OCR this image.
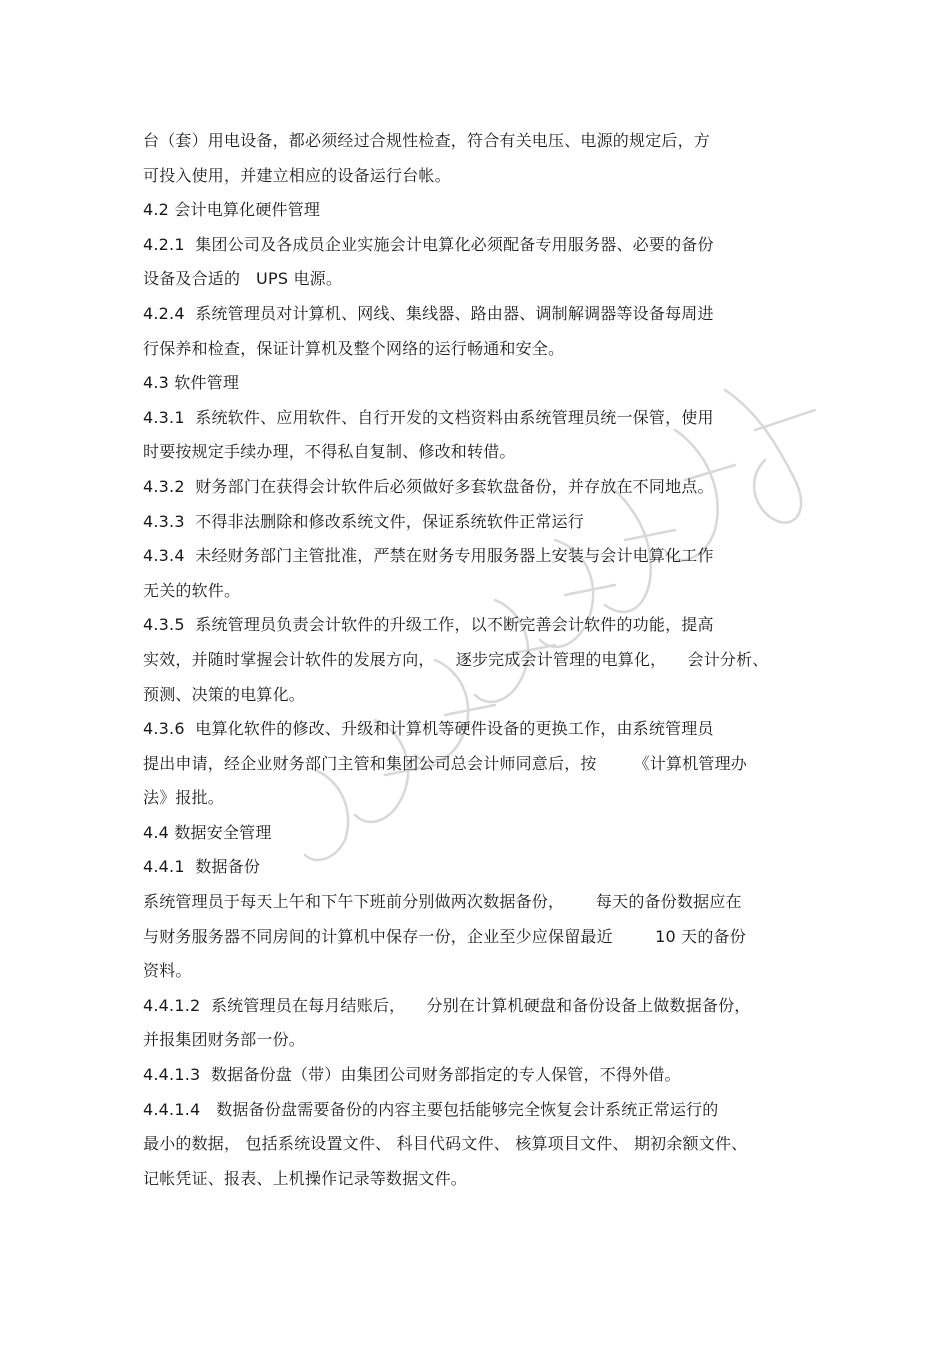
台（套）用电设备，都必须经过合规性检查，符合有关电压、电源的规定后，方
可投入使用，并建立相应的设备运行台帐。
4.2 会计电算化硬件管理
4.2.1  集团公司及各成员企业实施会计电算化必须配备专用服务器、必要的备份
设备及合适的   UPS 电源。
4.2.4  系统管理员对计算机、网线、集线器、路由器、调制解调器等设备每周进
行保养和检查，保证计算机及整个网络的运行畅通和安全。
4.3 软件管理
4.3.1  系统软件、应用软件、自行开发的文档资料由系统管理员统一保管，使用
时要按规定手续办理，不得私自复制、修改和转借。
4.3.2  财务部门在获得会计软件后必须做好多套软盘备份，并存放在不同地点。
4.3.3  不得非法删除和修改系统文件，保证系统软件正常运行
4.3.4  未经财务部门主管批准，严禁在财务专用服务器上安装与会计电算化工作
无关的软件。
4.3.5  系统管理员负责会计软件的升级工作，以不断完善会计软件的功能，提高
实效，并随时掌握会计软件的发展方向，    逐步完成会计管理的电算化，    会计分析、
预测、决策的电算化。
4.3.6  电算化软件的修改、升级和计算机等硬件设备的更换工作，由系统管理员
提出申请，经企业财务部门主管和集团公司总会计师同意后，按       《计算机管理办
法》报批。
4.4 数据安全管理
4.4.1  数据备份
系统管理员于每天上午和下午下班前分别做两次数据备份，      每天的备份数据应在
与财务服务器不同房间的计算机中保存一份，企业至少应保留最近        10 天的备份
资料。
4.4.1.2  系统管理员在每月结账后，    分别在计算机硬盘和备份设备上做数据备份，
并报集团财务部一份。
4.4.1.3  数据备份盘（带）由集团公司财务部指定的专人保管，不得外借。
4.4.1.4   数据备份盘需要备份的内容主要包括能够完全恢复会计系统正常运行的
最小的数据， 包括系统设置文件、 科目代码文件、 核算项目文件、 期初余额文件、
记帐凭证、报表、上机操作记录等数据文件。
